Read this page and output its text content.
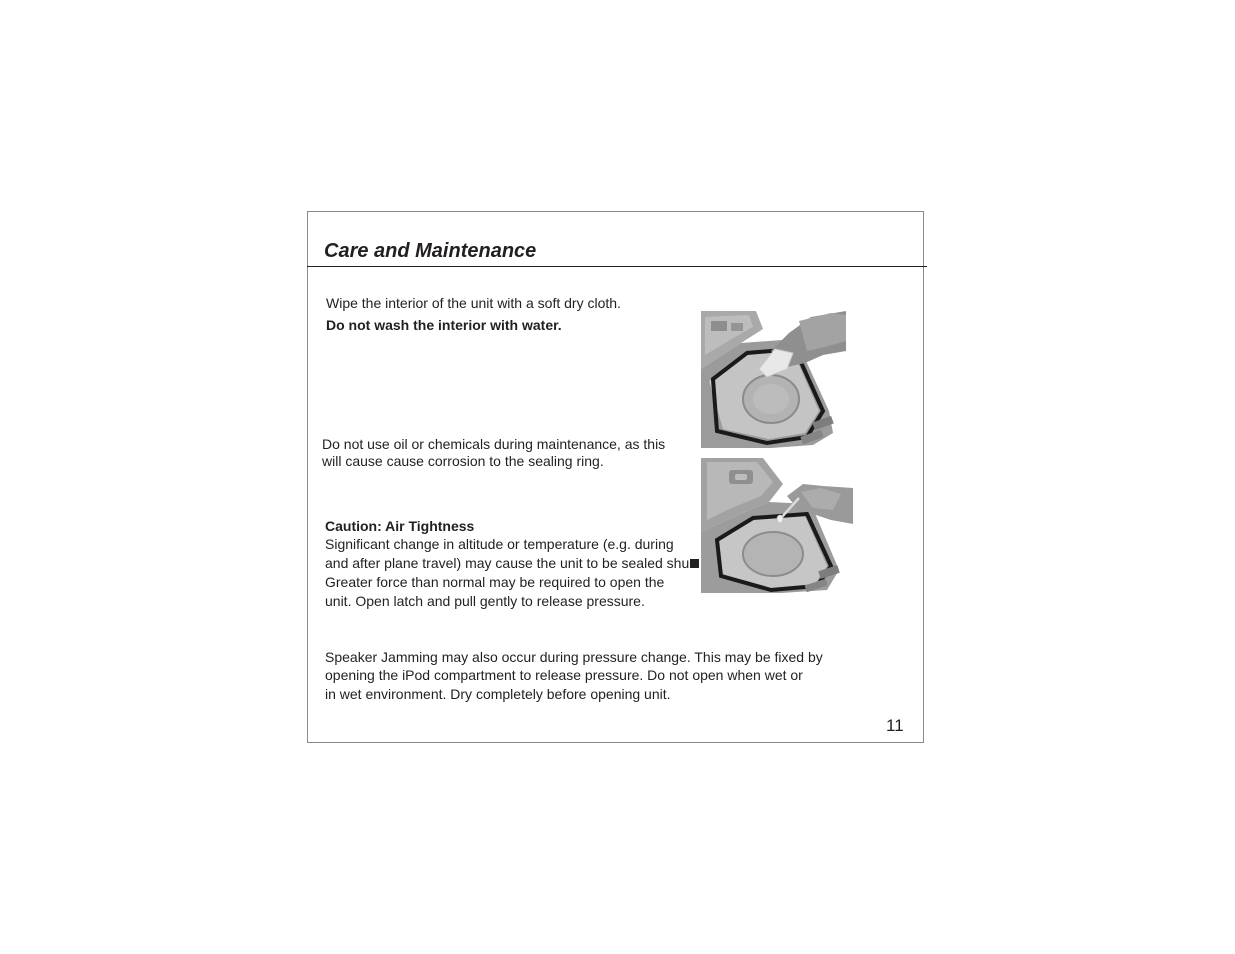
Care and Maintenance

Wipe the interior of the unit with a soft dry cloth.

Do not wash the interior with water.

Do not use oil or chemicals during maintenance, as this

will cause cause corrosion to the sealing ring.

Caution: Air Tightness

Significant change in altitude or temperature (e.g. during

and after plane travel) may cause the unit to be sealed shu

Greater force than normal may be required to open the

unit. Open latch and pull gently to release pressure.

Speaker Jamming may also occur during pressure change. This may be fixed by

opening the iPod compartment to release pressure. Do not open when wet or

in wet environment. Dry completely before opening unit.

11
